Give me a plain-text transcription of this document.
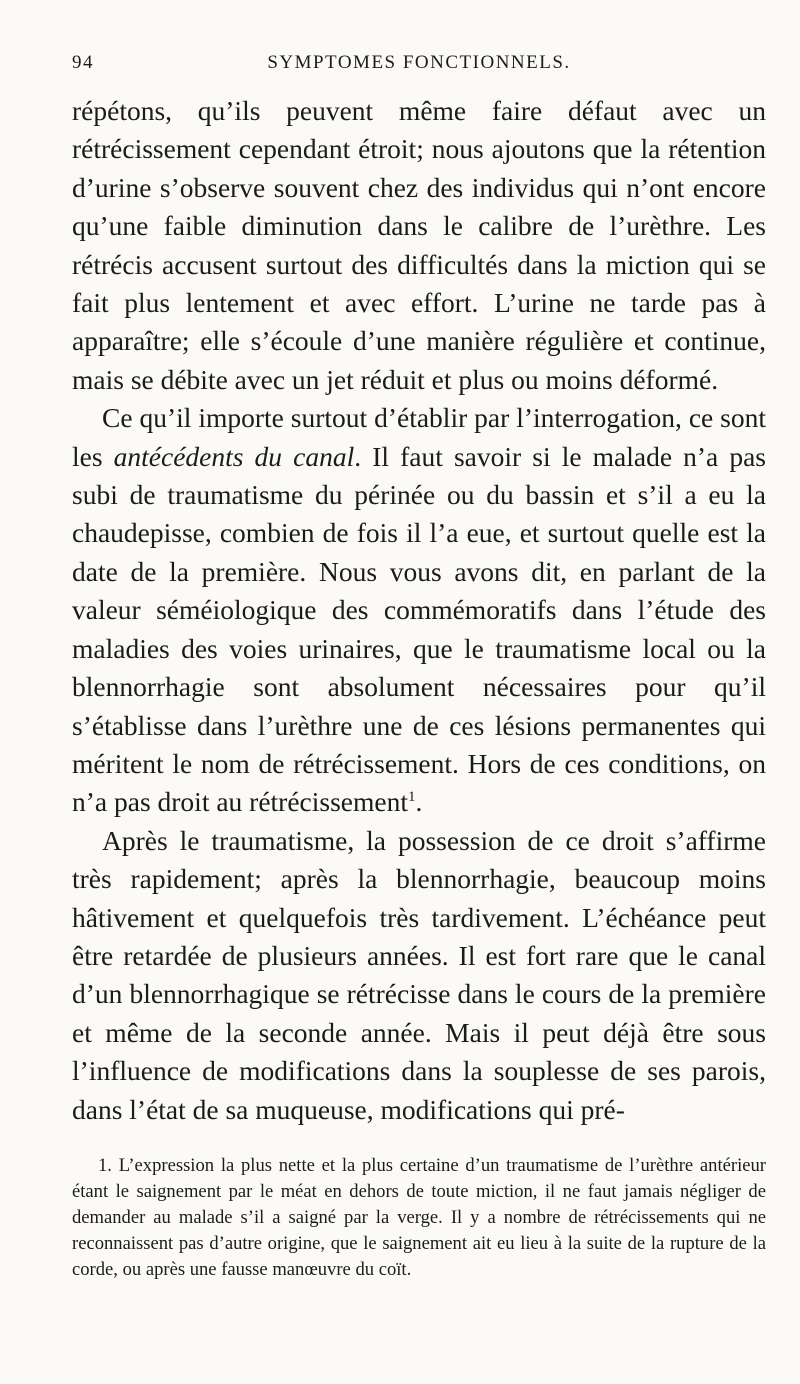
94	SYMPTOMES FONCTIONNELS.

répétons, qu’ils peuvent même faire défaut avec un rétrécissement cependant étroit; nous ajoutons que la rétention d’urine s’observe souvent chez des individus qui n’ont encore qu’une faible diminution dans le calibre de l’urèthre. Les rétrécis accusent surtout des difficultés dans la miction qui se fait plus lentement et avec effort. L’urine ne tarde pas à apparaître; elle s’écoule d’une manière régulière et continue, mais se débite avec un jet réduit et plus ou moins déformé.

Ce qu’il importe surtout d’établir par l’interrogation, ce sont les antécédents du canal. Il faut savoir si le malade n’a pas subi de traumatisme du périnée ou du bassin et s’il a eu la chaudepisse, combien de fois il l’a eue, et surtout quelle est la date de la première. Nous vous avons dit, en parlant de la valeur séméiologique des commémoratifs dans l’étude des maladies des voies urinaires, que le traumatisme local ou la blennorrhagie sont absolument nécessaires pour qu’il s’établisse dans l’urèthre une de ces lésions permanentes qui méritent le nom de rétrécissement. Hors de ces conditions, on n’a pas droit au rétrécissement$^1$.

Après le traumatisme, la possession de ce droit s’affirme très rapidement; après la blennorrhagie, beaucoup moins hâtivement et quelquefois très tardivement. L’échéance peut être retardée de plusieurs années. Il est fort rare que le canal d’un blennorrhagique se rétrécisse dans le cours de la première et même de la seconde année. Mais il peut déjà être sous l’influence de modifications dans la souplesse de ses parois, dans l’état de sa muqueuse, modifications qui pré-

1. L’expression la plus nette et la plus certaine d’un traumatisme de l’urèthre antérieur étant le saignement par le méat en dehors de toute miction, il ne faut jamais négliger de demander au malade s’il a saigné par la verge. Il y a nombre de rétrécissements qui ne reconnaissent pas d’autre origine, que le saignement ait eu lieu à la suite de la rupture de la corde, ou après une fausse manœuvre du coït.
